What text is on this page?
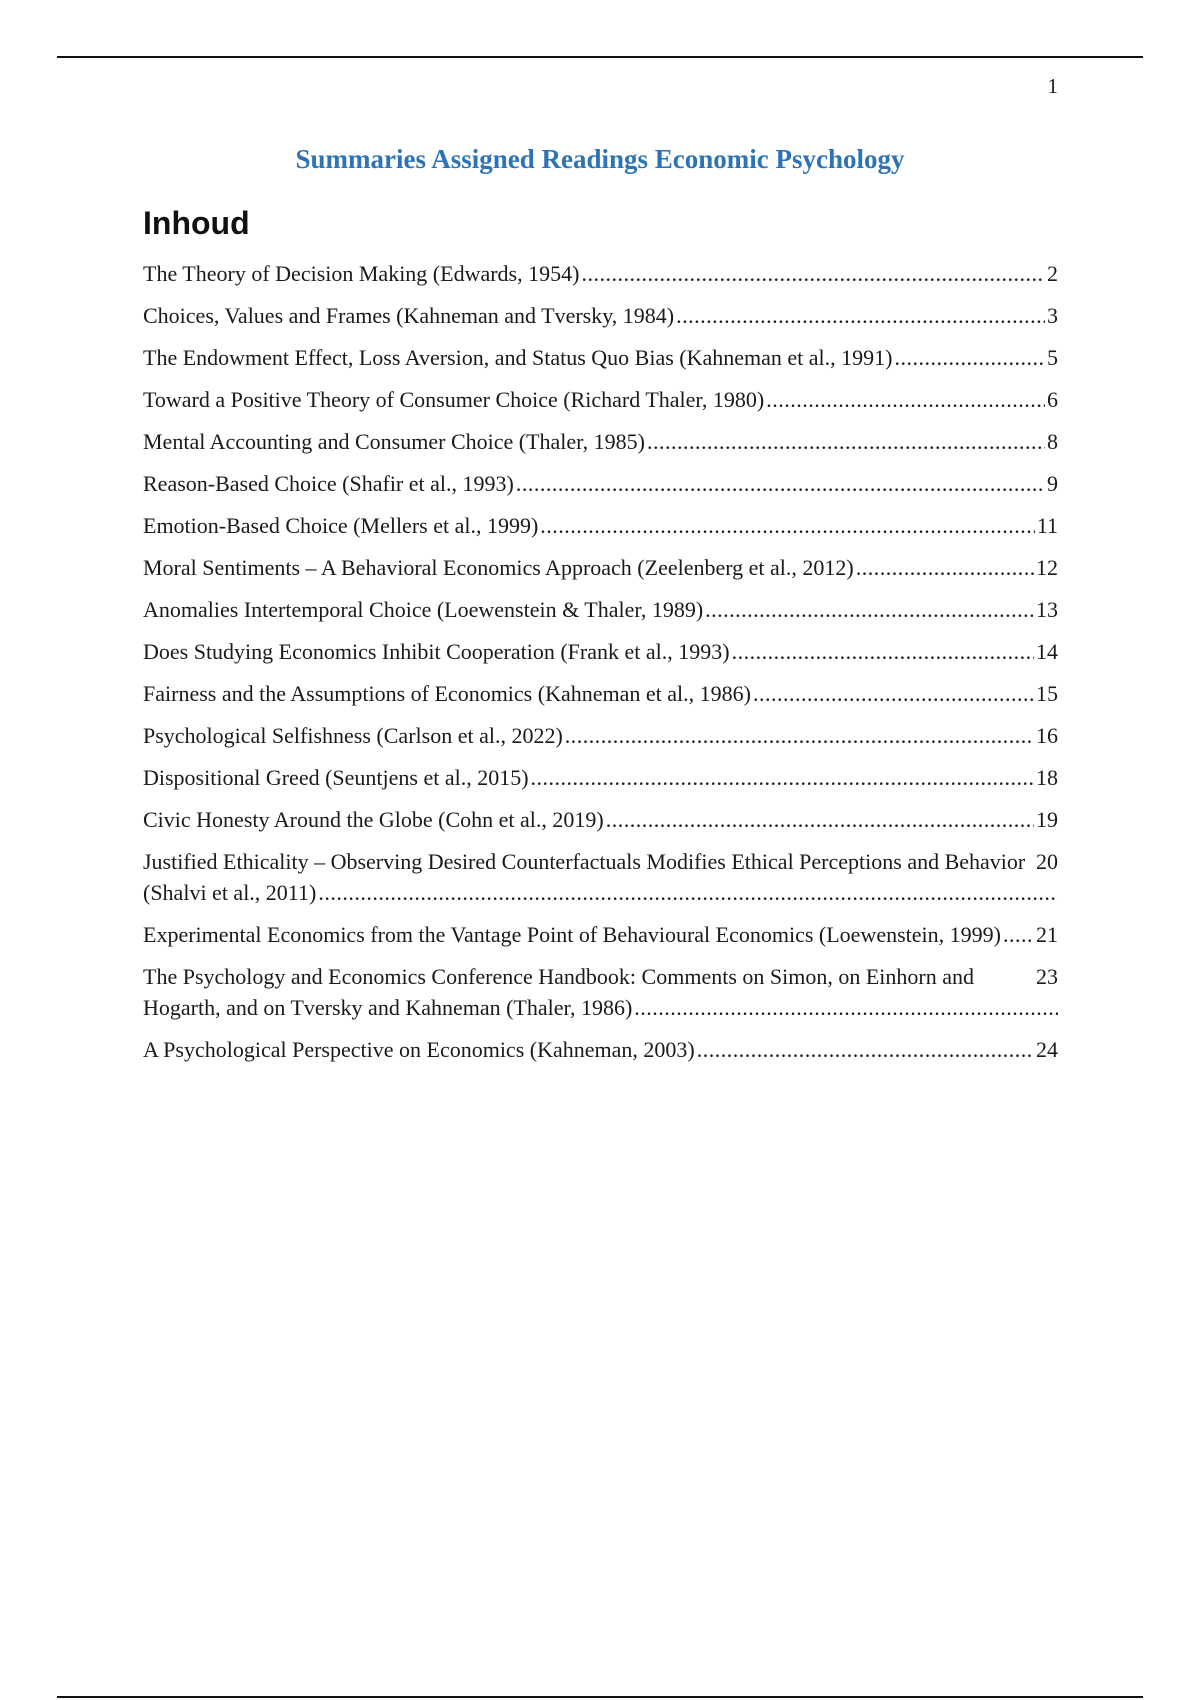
1
Summaries Assigned Readings Economic Psychology
Inhoud
2
The Theory of Decision Making (Edwards, 1954) .....
3
Choices, Values and Frames (Kahneman and Tversky, 1984) .....
5
The Endowment Effect, Loss Aversion, and Status Quo Bias (Kahneman et al., 1991) .....
6
Toward a Positive Theory of Consumer Choice (Richard Thaler, 1980) .....
8
Mental Accounting and Consumer Choice (Thaler, 1985) .....
9
Reason-Based Choice (Shafir et al., 1993) .....
11
Emotion-Based Choice (Mellers et al., 1999) .....
12
Moral Sentiments – A Behavioral Economics Approach (Zeelenberg et al., 2012) .....
13
Anomalies Intertemporal Choice (Loewenstein & Thaler, 1989) .....
14
Does Studying Economics Inhibit Cooperation (Frank et al., 1993) .....
15
Fairness and the Assumptions of Economics (Kahneman et al., 1986) .....
16
Psychological Selfishness (Carlson et al., 2022) .....
18
Dispositional Greed (Seuntjens et al., 2015) .....
19
Civic Honesty Around the Globe (Cohn et al., 2019) .....
20
Justified Ethicality – Observing Desired Counterfactuals Modifies Ethical Perceptions and Behavior (Shalvi et al., 2011) .....
21
Experimental Economics from the Vantage Point of Behavioural Economics (Loewenstein, 1999) .....
23
The Psychology and Economics Conference Handbook: Comments on Simon, on Einhorn and Hogarth, and on Tversky and Kahneman (Thaler, 1986) .....
24
A Psychological Perspective on Economics (Kahneman, 2003) .....
